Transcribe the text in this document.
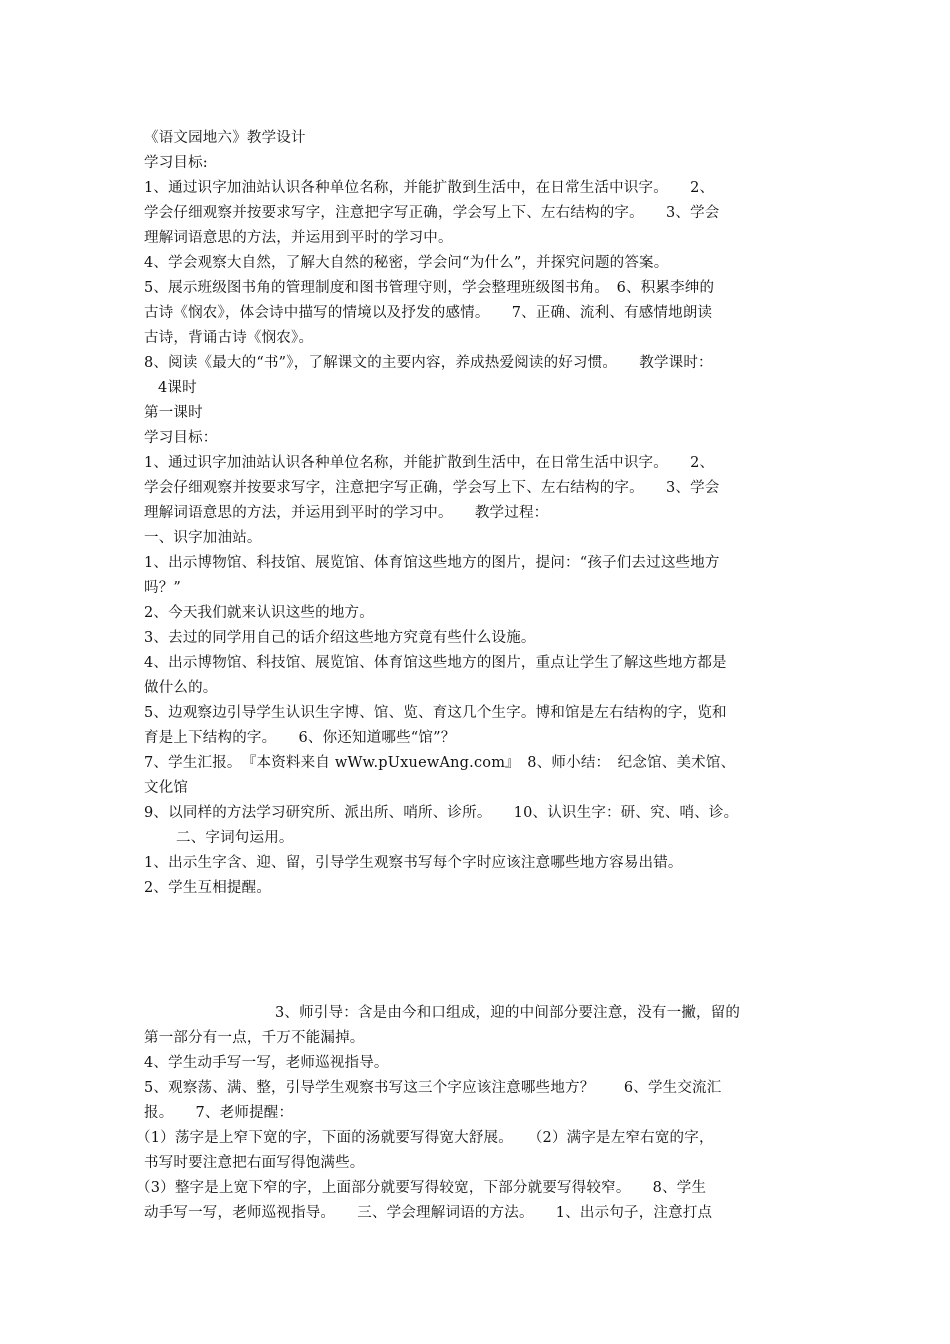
《语文园地六》教学设计
学习目标:
1、通过识字加油站认识各种单位名称，并能扩散到生活中，在日常生活中识字。　　2、
学会仔细观察并按要求写字，注意把字写正确，学会写上下、左右结构的字。　　3、学会
理解词语意思的方法，并运用到平时的学习中。
4、学会观察大自然，了解大自然的秘密，学会问“为什么”，并探究问题的答案。
5、展示班级图书角的管理制度和图书管理守则，学会整理班级图书角。　6、积累李绅的
古诗《悯农》，体会诗中描写的情境以及抒发的感情。　　7、正确、流利、有感情地朗读
古诗，背诵古诗《悯农》。
8、阅读《最大的“书”》，了解课文的主要内容，养成热爱阅读的好习惯。　　教学课时：
4课时
第一课时
学习目标：
1、通过识字加油站认识各种单位名称，并能扩散到生活中，在日常生活中识字。　　2、
学会仔细观察并按要求写字，注意把字写正确，学会写上下、左右结构的字。　　3、学会
理解词语意思的方法，并运用到平时的学习中。　　教学过程：
一、识字加油站。
1、出示博物馆、科技馆、展览馆、体育馆这些地方的图片，提问：“孩子们去过这些地方
吗？”
2、今天我们就来认识这些的地方。
3、去过的同学用自己的话介绍这些地方究竟有些什么设施。
4、出示博物馆、科技馆、展览馆、体育馆这些地方的图片，重点让学生了解这些地方都是
做什么的。
5、边观察边引导学生认识生字博、馆、览、育这几个生字。博和馆是左右结构的字，览和
育是上下结构的字。　　6、你还知道哪些“馆”？
7、学生汇报。　『本资料来自 wWw.pUxuewAng.com』　8、师小结：　纪念馆、美术馆、
文化馆
9、以同样的方法学习研究所、派出所、哨所、诊所。　　10、认识生字：研、究、哨、诊。
二、字词句运用。
1、出示生字含、迎、留，引导学生观察书写每个字时应该注意哪些地方容易出错。
2、学生互相提醒。
3、师引导：含是由今和口组成，迎的中间部分要注意，没有一撇，留的
第一部分有一点，千万不能漏掉。
4、学生动手写一写，老师巡视指导。
5、观察荡、满、整，引导学生观察书写这三个字应该注意哪些地方？　　6、学生交流汇
报。　　7、老师提醒：
（1）荡字是上窄下宽的字，下面的汤就要写得宽大舒展。　　（2）满字是左窄右宽的字，
书写时要注意把右面写得饱满些。
（3）整字是上宽下窄的字，上面部分就要写得较宽，下部分就要写得较窄。　　8、学生
动手写一写，老师巡视指导。　　三、学会理解词语的方法。　　1、出示句子，注意打点
